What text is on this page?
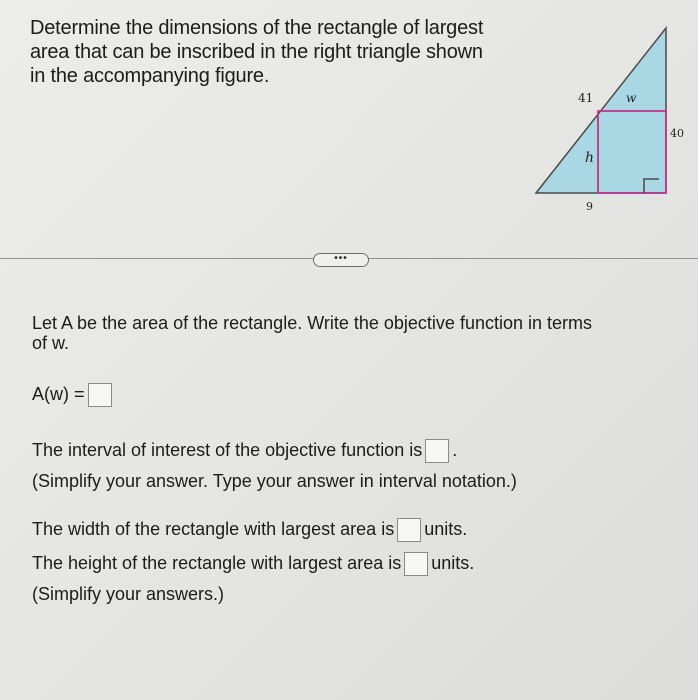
Determine the dimensions of the rectangle of largest
area that can be inscribed in the right triangle shown
in the accompanying figure.
41	w
h
40
9
•••
Let A be the area of the rectangle. Write the objective function in terms
of w.
A(w) =
The interval of interest of the objective function is .
(Simplify your answer. Type your answer in interval notation.)
The width of the rectangle with largest area is units.
The height of the rectangle with largest area is units.
(Simplify your answers.)
